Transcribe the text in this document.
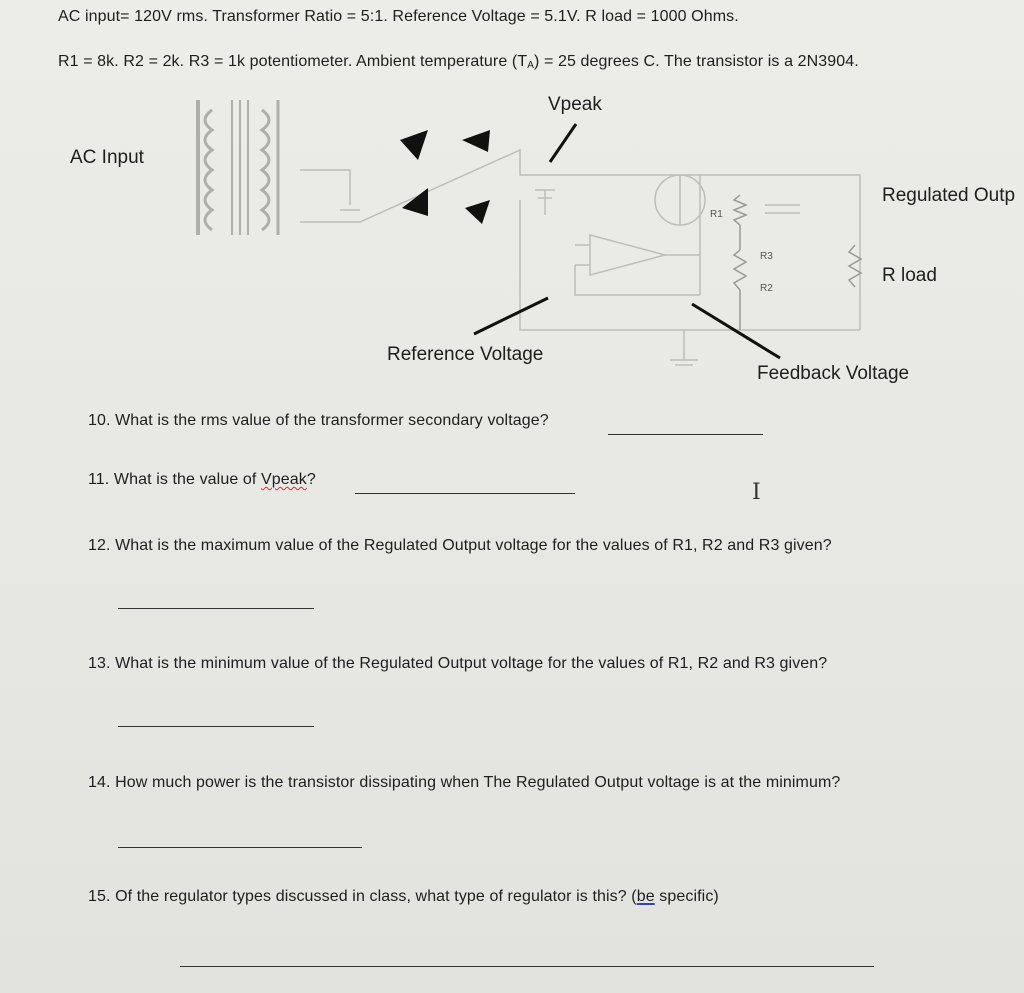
AC input= 120V rms. Transformer Ratio = 5:1. Reference Voltage = 5.1V. R load = 1000 Ohms.
R1 = 8k. R2 = 2k. R3 = 1k potentiometer. Ambient temperature $(T_A) = 25$ degrees C. The transistor is a 2N3904.
Vpeak
AC Input
Regulated Outp
R load
Reference Voltage
Feedback Voltage
R1
R3
R2
10. What is the rms value of the transformer secondary voltage?
11. What is the value of Vpeak?
I
12. What is the maximum value of the Regulated Output voltage for the values of R1, R2 and R3 given?
13. What is the minimum value of the Regulated Output voltage for the values of R1, R2 and R3 given?
14. How much power is the transistor dissipating when The Regulated Output voltage is at the minimum?
15. Of the regulator types discussed in class, what type of regulator is this? (be specific)
